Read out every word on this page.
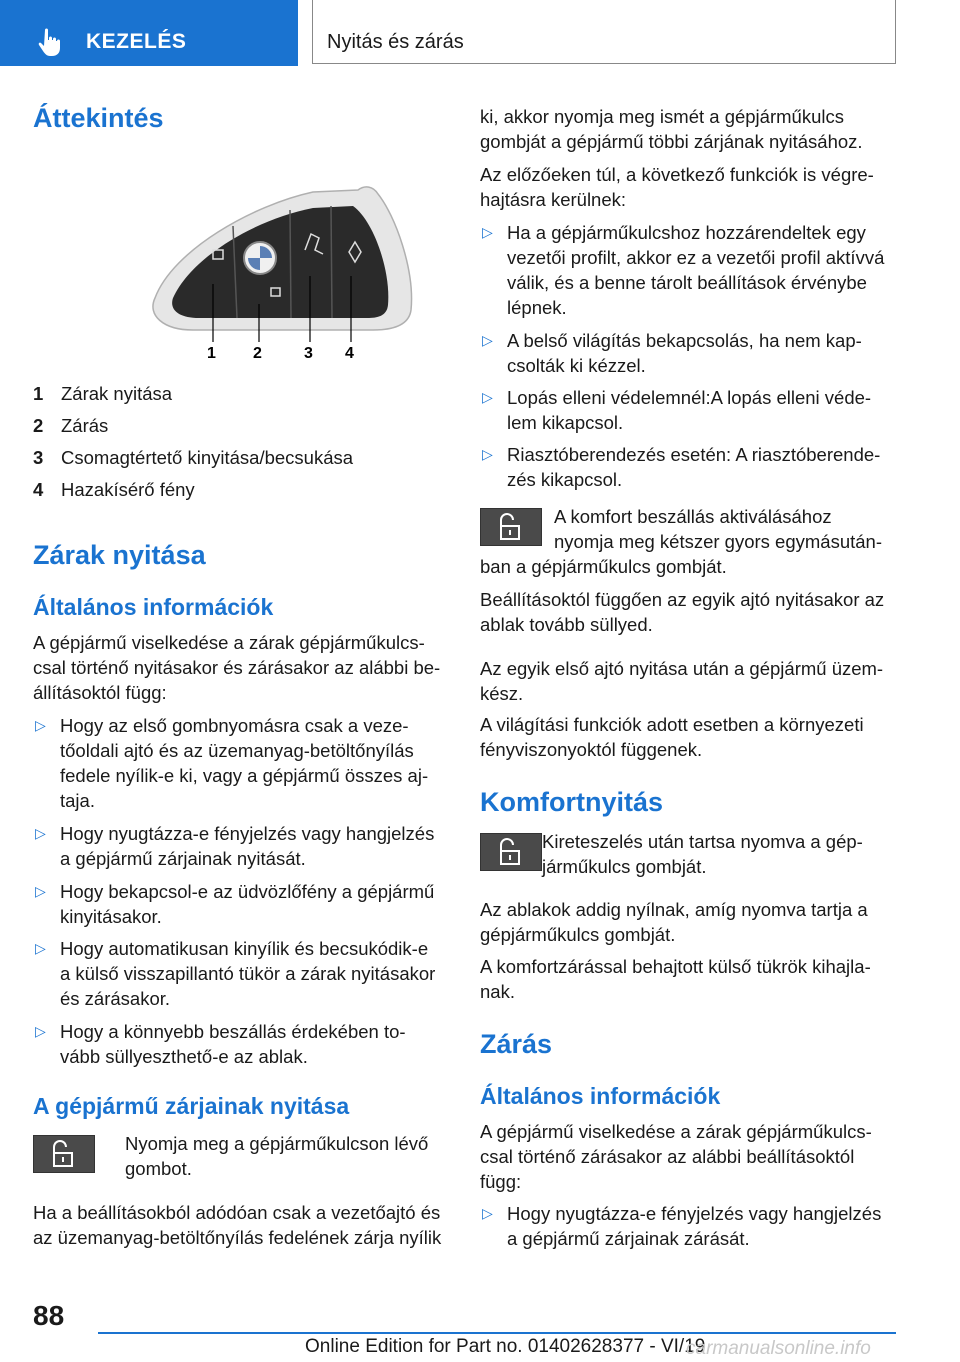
KEZELÉS	Nyitás és zárás
Áttekintés
1 2	3 4
1 Zárak nyitása
2 Zárás
3 Csomagtértető kinyitása/becsukása
4 Hazakísérő fény
Zárak nyitása
Általános információk
A gépjármű viselkedése a zárak gépjárműkulcs-
csal történő nyitásakor és zárásakor az alábbi be-
állításoktól függ:
▷ Hogy az első gombnyomásra csak a veze-
tőoldali ajtó és az üzemanyag-betöltőnyílás
fedele nyílik-e ki, vagy a gépjármű összes aj-
taja.
▷ Hogy nyugtázza-e fényjelzés vagy hangjelzés
a gépjármű zárjainak nyitását.
▷ Hogy bekapcsol-e az üdvözlőfény a gépjármű
kinyitásakor.
▷ Hogy automatikusan kinyílik és becsukódik-e
a külső visszapillantó tükör a zárak nyitásakor
és zárásakor.
▷ Hogy a könnyebb beszállás érdekében to-
vább süllyeszthető-e az ablak.
A gépjármű zárjainak nyitása
Nyomja meg a gépjárműkulcson lévő
gombot.
Ha a beállításokból adódóan csak a vezetőajtó és
az üzemanyag-betöltőnyílás fedelének zárja nyílik
ki, akkor nyomja meg ismét a gépjárműkulcs
gombját a gépjármű többi zárjának nyitásához.
Az előzőeken túl, a következő funkciók is végre-
hajtásra kerülnek:
▷ Ha a gépjárműkulcshoz hozzárendeltek egy
vezetői profilt, akkor ez a vezetői profil aktívvá
válik, és a benne tárolt beállítások érvénybe
lépnek.
▷ A belső világítás bekapcsolás, ha nem kap-
csolták ki kézzel.
▷ Lopás elleni védelemnél:A lopás elleni véde-
lem kikapcsol.
▷ Riasztóberendezés esetén: A riasztóberende-
zés kikapcsol.
A komfort beszállás aktiválásához
nyomja meg kétszer gyors egymásután-
ban a gépjárműkulcs gombját.
Beállításoktól függően az egyik ajtó nyitásakor az
ablak tovább süllyed.
Az egyik első ajtó nyitása után a gépjármű üzem-
kész.
A világítási funkciók adott esetben a környezeti
fényviszonyoktól függenek.
Komfortnyitás
Kireteszelés után tartsa nyomva a gép-
járműkulcs gombját.
Az ablakok addig nyílnak, amíg nyomva tartja a
gépjárműkulcs gombját.
A komfortzárással behajtott külső tükrök kihajla-
nak.
Zárás
Általános információk
A gépjármű viselkedése a zárak gépjárműkulcs-
csal történő zárásakor az alábbi beállításoktól
függ:
▷ Hogy nyugtázza-e fényjelzés vagy hangjelzés
a gépjármű zárjainak zárását.
88
Online Edition for Part no. 01402628377 - VI/19
carmanualsonline.info
